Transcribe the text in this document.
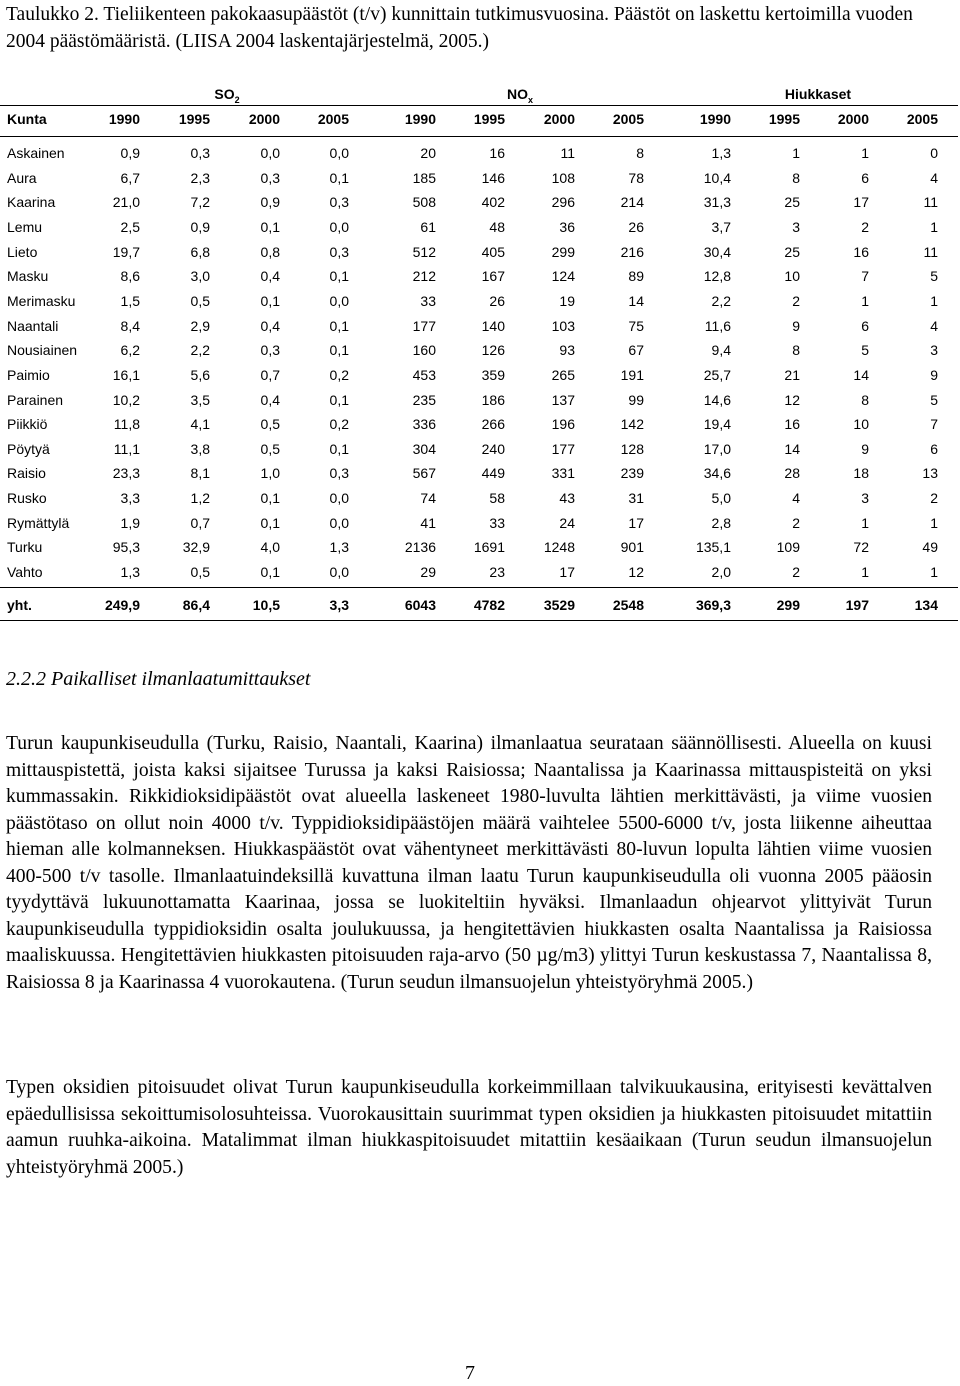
Taulukko 2. Tieliikenteen pakokaasupäästöt (t/v) kunnittain tutkimusvuosina. Päästöt on laskettu kertoimilla vuoden 2004 päästömääristä. (LIISA 2004 laskentajärjestelmä, 2005.)
$SO_2$	$NO_x$	Hiukkaset
Kunta	1990	1995	2000	2005	1990	1995	2000	2005	1990	1995	2000	2005
Askainen	0,9	0,3	0,0	0,0	20	16	11	8	1,3	1	1	0
Aura	6,7	2,3	0,3	0,1	185	146	108	78	10,4	8	6	4
Kaarina	21,0	7,2	0,9	0,3	508	402	296	214	31,3	25	17	11
Lemu	2,5	0,9	0,1	0,0	61	48	36	26	3,7	3	2	1
Lieto	19,7	6,8	0,8	0,3	512	405	299	216	30,4	25	16	11
Masku	8,6	3,0	0,4	0,1	212	167	124	89	12,8	10	7	5
Merimasku	1,5	0,5	0,1	0,0	33	26	19	14	2,2	2	1	1
Naantali	8,4	2,9	0,4	0,1	177	140	103	75	11,6	9	6	4
Nousiainen	6,2	2,2	0,3	0,1	160	126	93	67	9,4	8	5	3
Paimio	16,1	5,6	0,7	0,2	453	359	265	191	25,7	21	14	9
Parainen	10,2	3,5	0,4	0,1	235	186	137	99	14,6	12	8	5
Piikkiö	11,8	4,1	0,5	0,2	336	266	196	142	19,4	16	10	7
Pöytyä	11,1	3,8	0,5	0,1	304	240	177	128	17,0	14	9	6
Raisio	23,3	8,1	1,0	0,3	567	449	331	239	34,6	28	18	13
Rusko	3,3	1,2	0,1	0,0	74	58	43	31	5,0	4	3	2
Rymättylä	1,9	0,7	0,1	0,0	41	33	24	17	2,8	2	1	1
Turku	95,3	32,9	4,0	1,3	2136	1691	1248	901	135,1	109	72	49
Vahto	1,3	0,5	0,1	0,0	29	23	17	12	2,0	2	1	1
yht.	249,9	86,4	10,5	3,3	6043	4782	3529	2548	369,3	299	197	134
2.2.2 Paikalliset ilmanlaatumittaukset

Turun kaupunkiseudulla (Turku, Raisio, Naantali, Kaarina) ilmanlaatua seurataan säännöllisesti. Alueella on kuusi mittauspistettä, joista kaksi sijaitsee Turussa ja kaksi Raisiossa; Naantalissa ja Kaarinassa mittauspisteitä on yksi kummassakin. Rikkidioksidipäästöt ovat alueella laskeneet 1980-luvulta lähtien merkittävästi, ja viime vuosien päästötaso on ollut noin 4000 t/v. Typpidioksidipäästöjen määrä vaihtelee 5500-6000 t/v, josta liikenne aiheuttaa hieman alle kolmanneksen. Hiukkaspäästöt ovat vähentyneet merkittävästi 80-luvun lopulta lähtien viime vuosien 400-500 t/v tasolle. Ilmanlaatuindeksillä kuvattuna ilman laatu Turun kaupunkiseudulla oli vuonna 2005 pääosin tyydyttävä lukuunottamatta Kaarinaa, jossa se luokiteltiin hyväksi. Ilmanlaadun ohjearvot ylittyivät Turun kaupunkiseudulla typpidioksidin osalta joulukuussa, ja hengitettävien hiukkasten osalta Naantalissa ja Raisiossa maaliskuussa. Hengitettävien hiukkasten pitoisuuden raja-arvo (50 µg/m3) ylittyi Turun keskustassa 7, Naantalissa 8, Raisiossa 8 ja Kaarinassa 4 vuorokautena. (Turun seudun ilmansuojelun yhteistyöryhmä 2005.)

Typen oksidien pitoisuudet olivat Turun kaupunkiseudulla korkeimmillaan talvikuukausina, erityisesti kevättalven epäedullisissa sekoittumisolosuhteissa. Vuorokausittain suurimmat typen oksidien ja hiukkasten pitoisuudet mitattiin aamun ruuhka-aikoina. Matalimmat ilman hiukkaspitoisuudet mitattiin kesäaikaan (Turun seudun ilmansuojelun yhteistyöryhmä 2005.)

7
